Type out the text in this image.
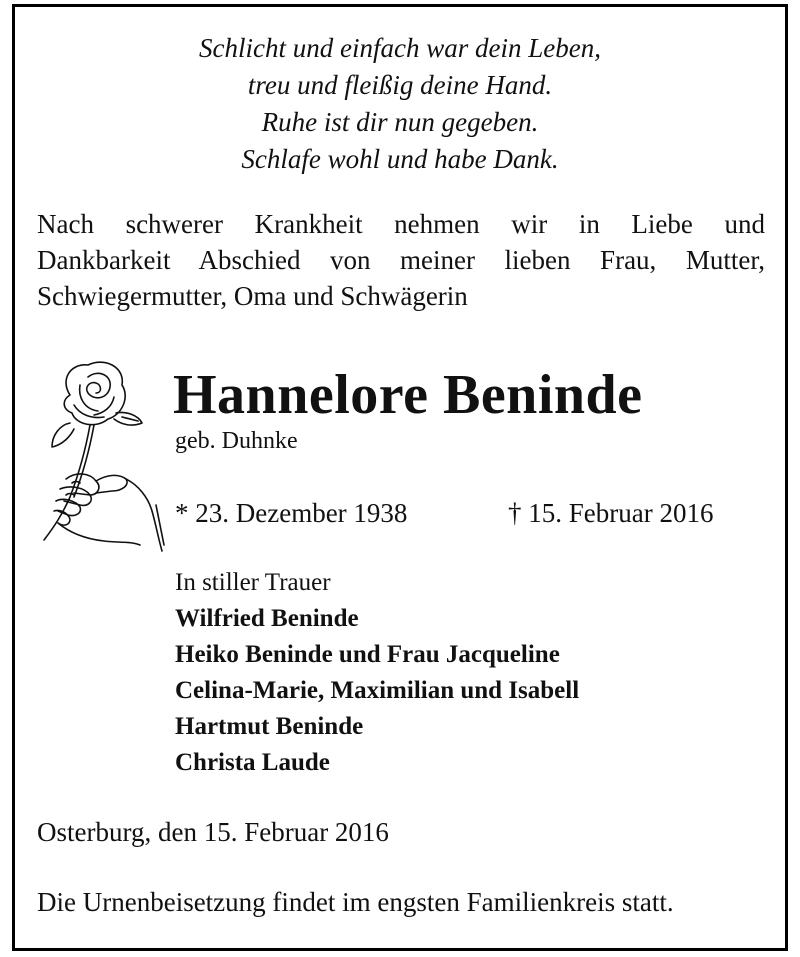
Schlicht und einfach war dein Leben,
treu und fleißig deine Hand.
Ruhe ist dir nun gegeben.
Schlafe wohl und habe Dank.
Nach schwerer Krankheit nehmen wir in Liebe und
Dankbarkeit Abschied von meiner lieben Frau, Mutter,
Schwiegermutter, Oma und Schwägerin
Hannelore Beninde
geb. Duhnke
* 23. Dezember 1938	† 15. Februar 2016
In stiller Trauer
Wilfried Beninde
Heiko Beninde und Frau Jacqueline
Celina-Marie, Maximilian und Isabell
Hartmut Beninde
Christa Laude
Osterburg, den 15. Februar 2016
Die Urnenbeisetzung findet im engsten Familienkreis statt.
